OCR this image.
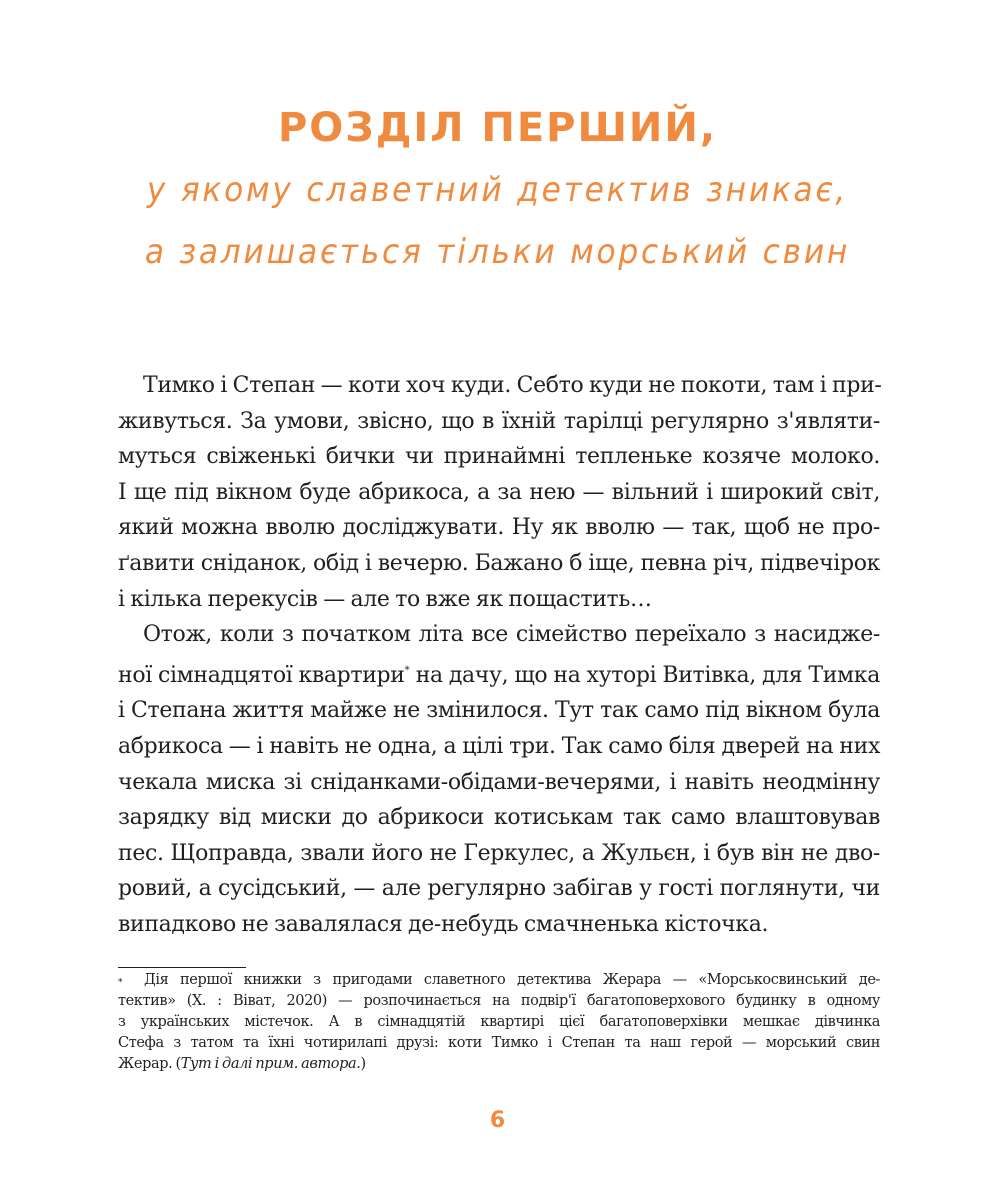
РОЗДІЛ ПЕРШИЙ,
у якому славетний детектив зникає,
а залишається тільки морський свин
Тимко і Степан — коти хоч куди. Себто куди не покоти, там і при-
живуться. За умови, звісно, що в їхній тарілці регулярно з'являти-
муться свіженькі бички чи принаймні тепленьке козяче молоко.
І ще під вікном буде абрикоса, а за нею — вільний і широкий світ,
який можна вволю досліджувати. Ну як вволю — так, щоб не про-
ґавити сніданок, обід і вечерю. Бажано б іще, певна річ, підвечірок
і кілька перекусів — але то вже як пощастить…
Отож, коли з початком літа все сімейство переїхало з насидже-
ної сімнадцятої квартири* на дачу, що на хуторі Витівка, для Тимка
і Степана життя майже не змінилося. Тут так само під вікном була
абрикоса — і навіть не одна, а цілі три. Так само біля дверей на них
чекала миска зі сніданками-обідами-вечерями, і навіть неодмінну
зарядку від миски до абрикоси котиськам так само влаштовував
пес. Щоправда, звали його не Геркулес, а Жульєн, і був він не дво-
ровий, а сусідський, — але регулярно забігав у гості поглянути, чи
випадково не завалялася де-небудь смачненька кісточка.
*	Дія першої книжки з пригодами славетного детектива Жерара — «Морськосвинський де-
тектив» (Х. : Віват, 2020) — розпочинається на подвір'ї багатоповерхового будинку в одному
з українських містечок. А в сімнадцятій квартирі цієї багатоповерхівки мешкає дівчинка
Стефа з татом та їхні чотирилапі друзі: коти Тимко і Степан та наш герой — морський свин
Жерар. (Тут і далі прим. автора.)
6
